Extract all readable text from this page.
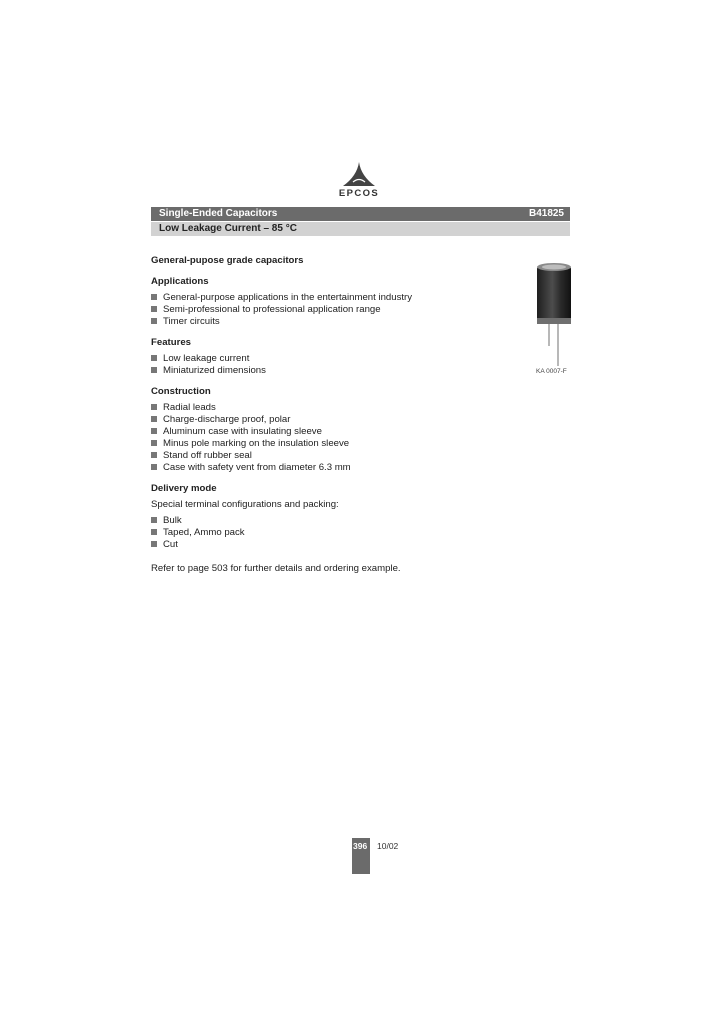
EPCOS
Single-Ended Capacitors	B41825
Low Leakage Current – 85 °C
General-pupose grade capacitors
Applications
General-purpose applications in the entertainment industry
Semi-professional to professional application range
Timer circuits
Features
Low leakage current
Miniaturized dimensions
Construction
Radial leads
Charge-discharge proof, polar
Aluminum case with insulating sleeve
Minus pole marking on the insulation sleeve
Stand off rubber seal
Case with safety vent from diameter 6.3 mm
Delivery mode

Special terminal configurations and packing:

Bulk
Taped, Ammo pack
Cut

Refer to page 503 for further details and ordering example.

KA 0007-F
396 10/02
